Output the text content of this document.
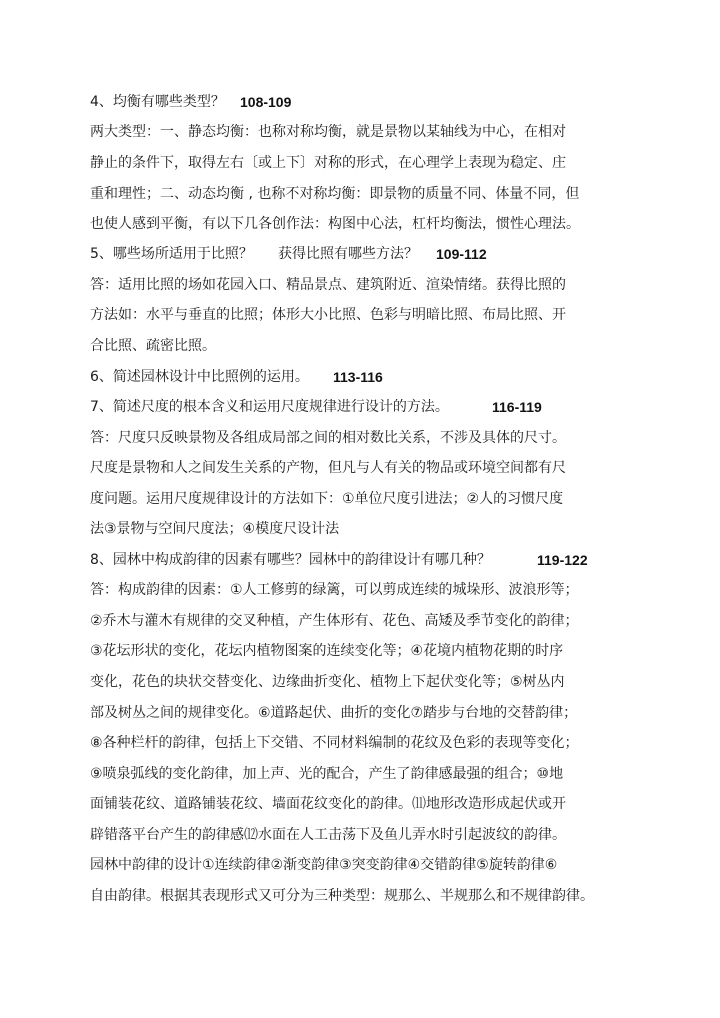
4、均衡有哪些类型？ 108-109
两大类型：一、静态均衡：也称对称均衡，就是景物以某轴线为中心，在相对
静止的条件下，取得左右〔或上下〕对称的形式，在心理学上表现为稳定、庄
重和理性；二、动态均衡 , 也称不对称均衡：即景物的质量不同、体量不同，但
也使人感到平衡，有以下几各创作法：构图中心法，杠杆均衡法，惯性心理法。
5、哪些场所适用于比照？ 获得比照有哪些方法？ 109-112
答：适用比照的场如花园入口、精品景点、建筑附近、渲染情绪。获得比照的
方法如：水平与垂直的比照；体形大小比照、色彩与明暗比照、布局比照、开
合比照、疏密比照。
6、简述园林设计中比照例的运用。 113-116
7、简述尺度的根本含义和运用尺度规律进行设计的方法。	116-119
答：尺度只反映景物及各组成局部之间的相对数比关系，不涉及具体的尺寸。
尺度是景物和人之间发生关系的产物，但凡与人有关的物品或环境空间都有尺
度问题。运用尺度规律设计的方法如下：①单位尺度引进法；②人的习惯尺度
法③景物与空间尺度法；④模度尺设计法
8、园林中构成韵律的因素有哪些？园林中的韵律设计有哪几种？	119-122
答：构成韵律的因素：①人工修剪的绿篱，可以剪成连续的城垛形、波浪形等；
②乔木与灌木有规律的交叉种植，产生体形有、花色、高矮及季节变化的韵律；
③花坛形状的变化，花坛内植物图案的连续变化等；④花境内植物花期的时序
变化，花色的块状交替变化、边缘曲折变化、植物上下起伏变化等；⑤树丛内
部及树丛之间的规律变化。⑥道路起伏、曲折的变化⑦踏步与台地的交替韵律；
⑧各种栏杆的韵律，包括上下交错、不同材料编制的花纹及色彩的表现等变化；
⑨喷泉弧线的变化韵律，加上声、光的配合，产生了韵律感最强的组合；⑩地
面铺装花纹、道路铺装花纹、墙面花纹变化的韵律。⑾地形改造形成起伏或开
辟错落平台产生的韵律感⑿水面在人工击荡下及鱼儿弄水时引起波纹的韵律。
园林中韵律的设计①连续韵律②渐变韵律③突变韵律④交错韵律⑤旋转韵律⑥
自由韵律。根据其表现形式又可分为三种类型：规那么、半规那么和不规律韵律。
